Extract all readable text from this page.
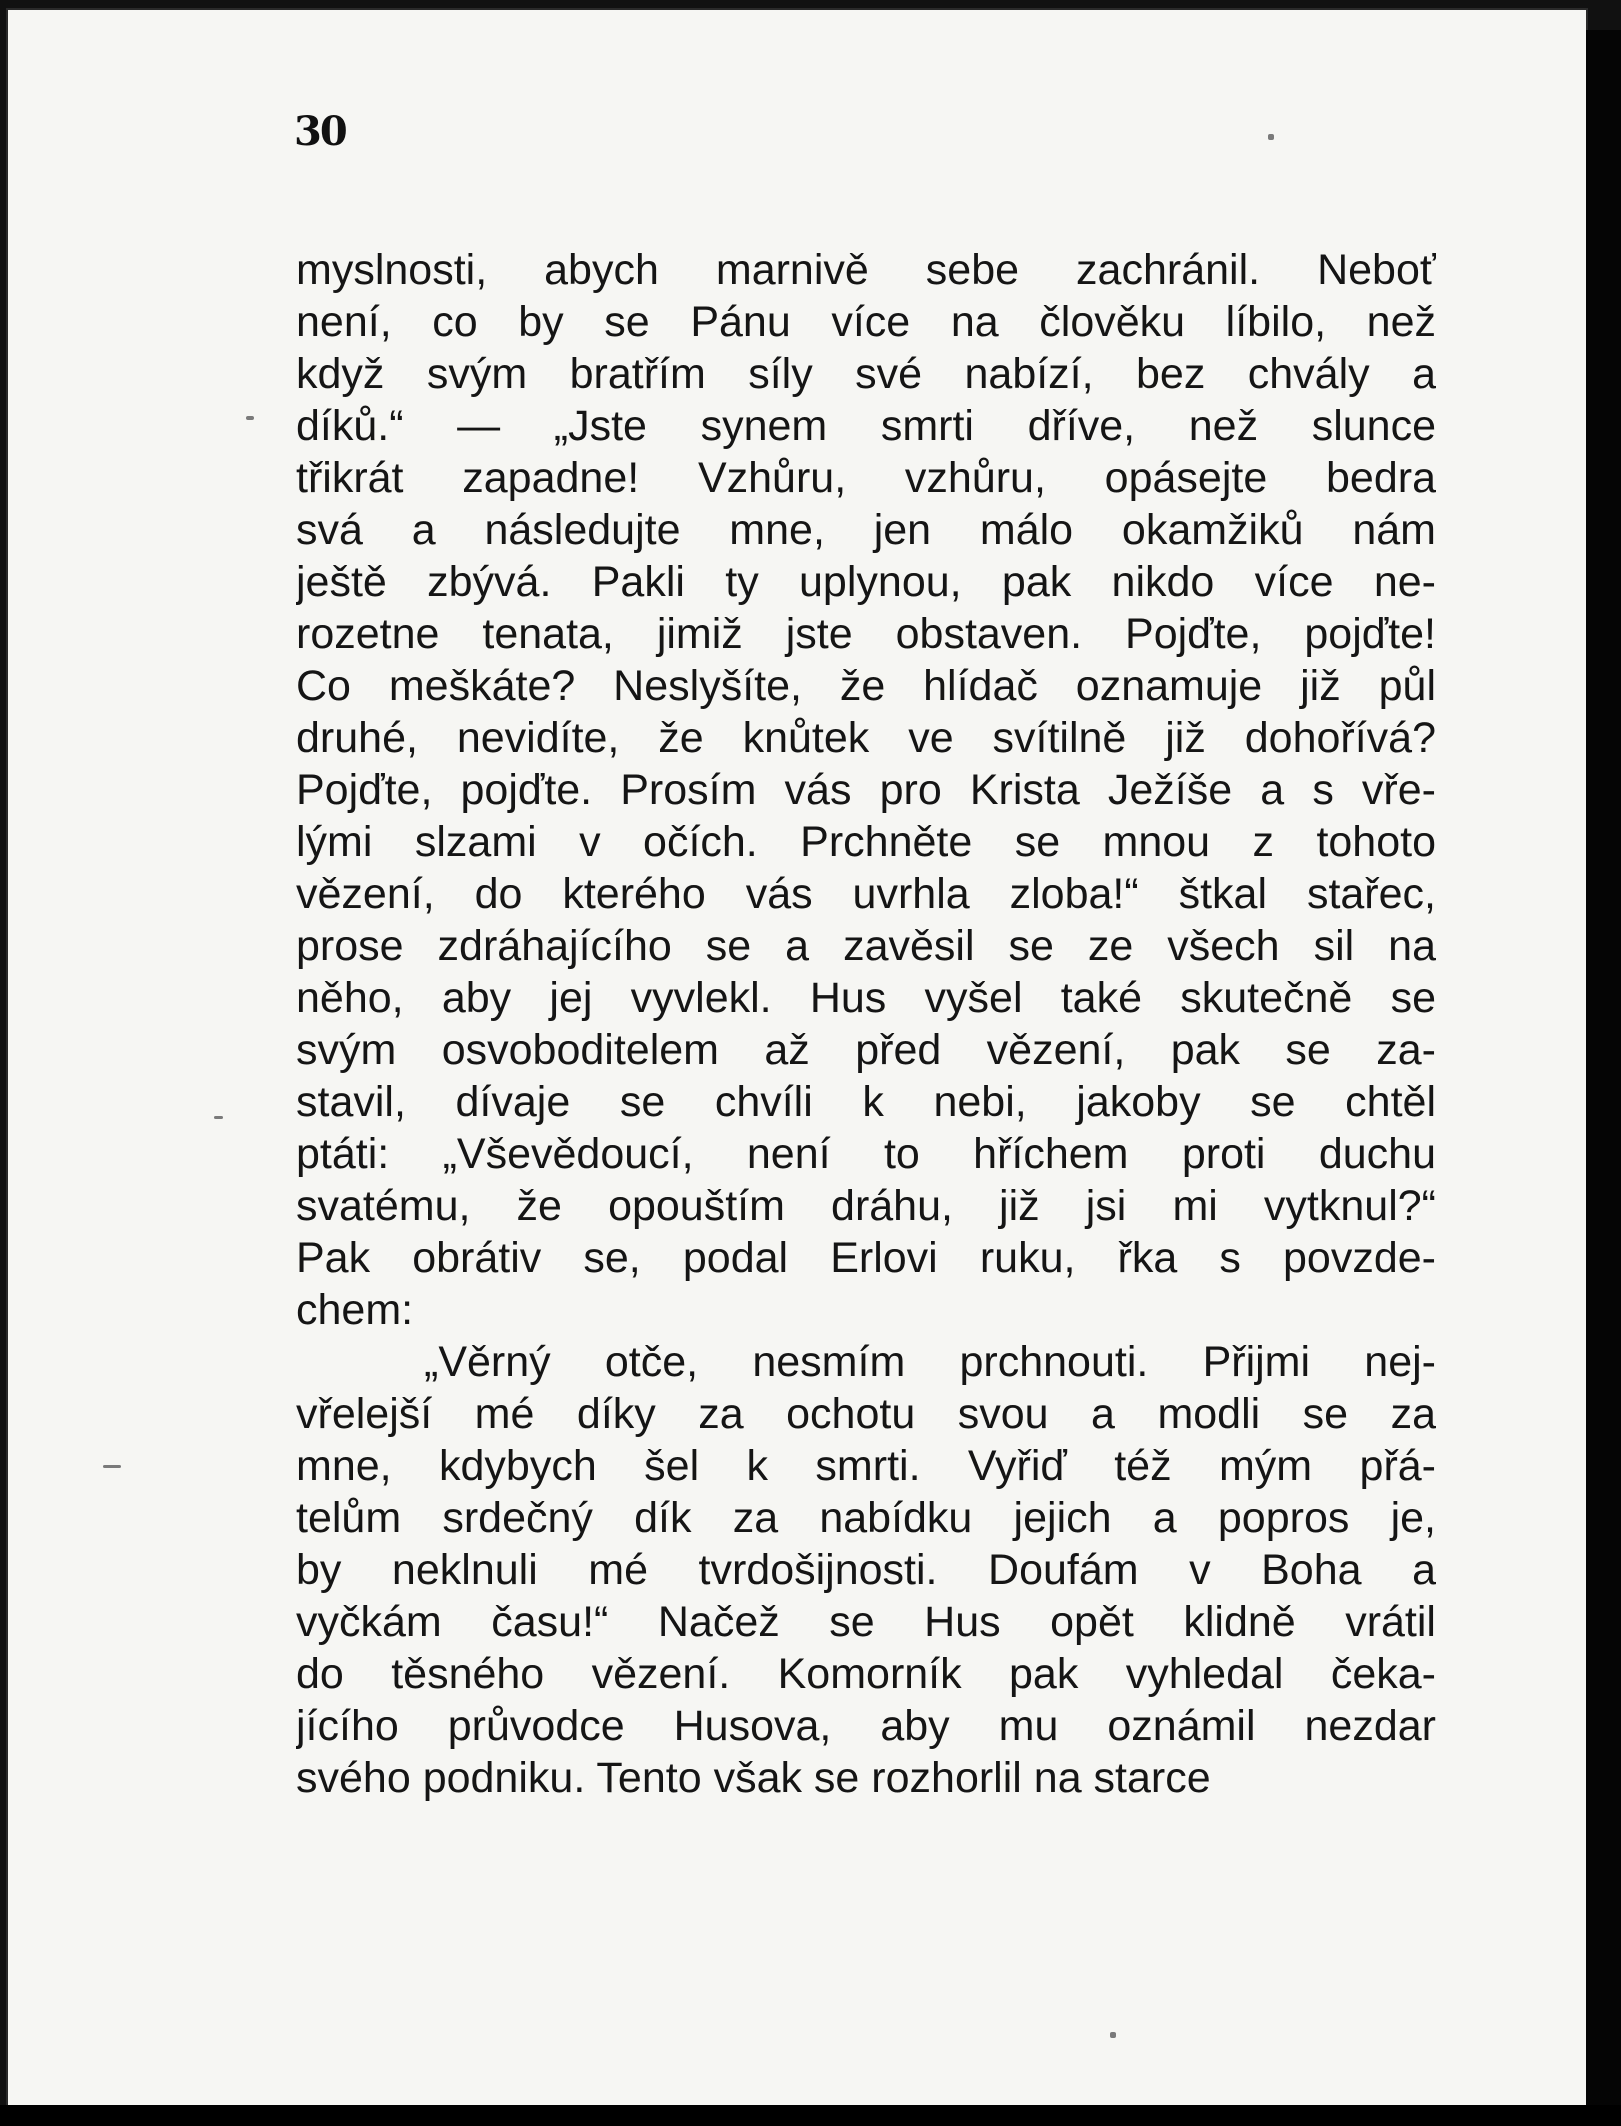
30
myslnosti, abych marnivě sebe zachránil. Neboť
není, co by se Pánu více na člověku líbilo, než
když svým bratřím síly své nabízí, bez chvály a
díků.“ — „Jste synem smrti dříve, než slunce
třikrát zapadne! Vzhůru, vzhůru, opásejte bedra
svá a následujte mne, jen málo okamžiků nám
ještě zbývá. Pakli ty uplynou, pak nikdo více ne-
rozetne tenata, jimiž jste obstaven. Pojďte, pojďte!
Co meškáte? Neslyšíte, že hlídač oznamuje již půl
druhé, nevidíte, že knůtek ve svítilně již dohořívá?
Pojďte, pojďte. Prosím vás pro Krista Ježíše a s vře-
lými slzami v očích. Prchněte se mnou z tohoto
vězení, do kterého vás uvrhla zloba!“ štkal stařec,
prose zdráhajícího se a zavěsil se ze všech sil na
něho, aby jej vyvlekl. Hus vyšel také skutečně se
svým osvoboditelem až před vězení, pak se za-
stavil, dívaje se chvíli k nebi, jakoby se chtěl
ptáti: „Vševědoucí, není to hříchem proti duchu
svatému, že opouštím dráhu, již jsi mi vytknul?“
Pak obrátiv se, podal Erlovi ruku, řka s povzde-
chem:
„Věrný otče, nesmím prchnouti. Přijmi nej-
vřelejší mé díky za ochotu svou a modli se za
mne, kdybych šel k smrti. Vyřiď též mým přá-
telům srdečný dík za nabídku jejich a popros je,
by neklnuli mé tvrdošijnosti. Doufám v Boha a
vyčkám času!“ Načež se Hus opět klidně vrátil
do těsného vězení. Komorník pak vyhledal čeka-
jícího průvodce Husova, aby mu oznámil nezdar
svého podniku. Tento však se rozhorlil na starce
